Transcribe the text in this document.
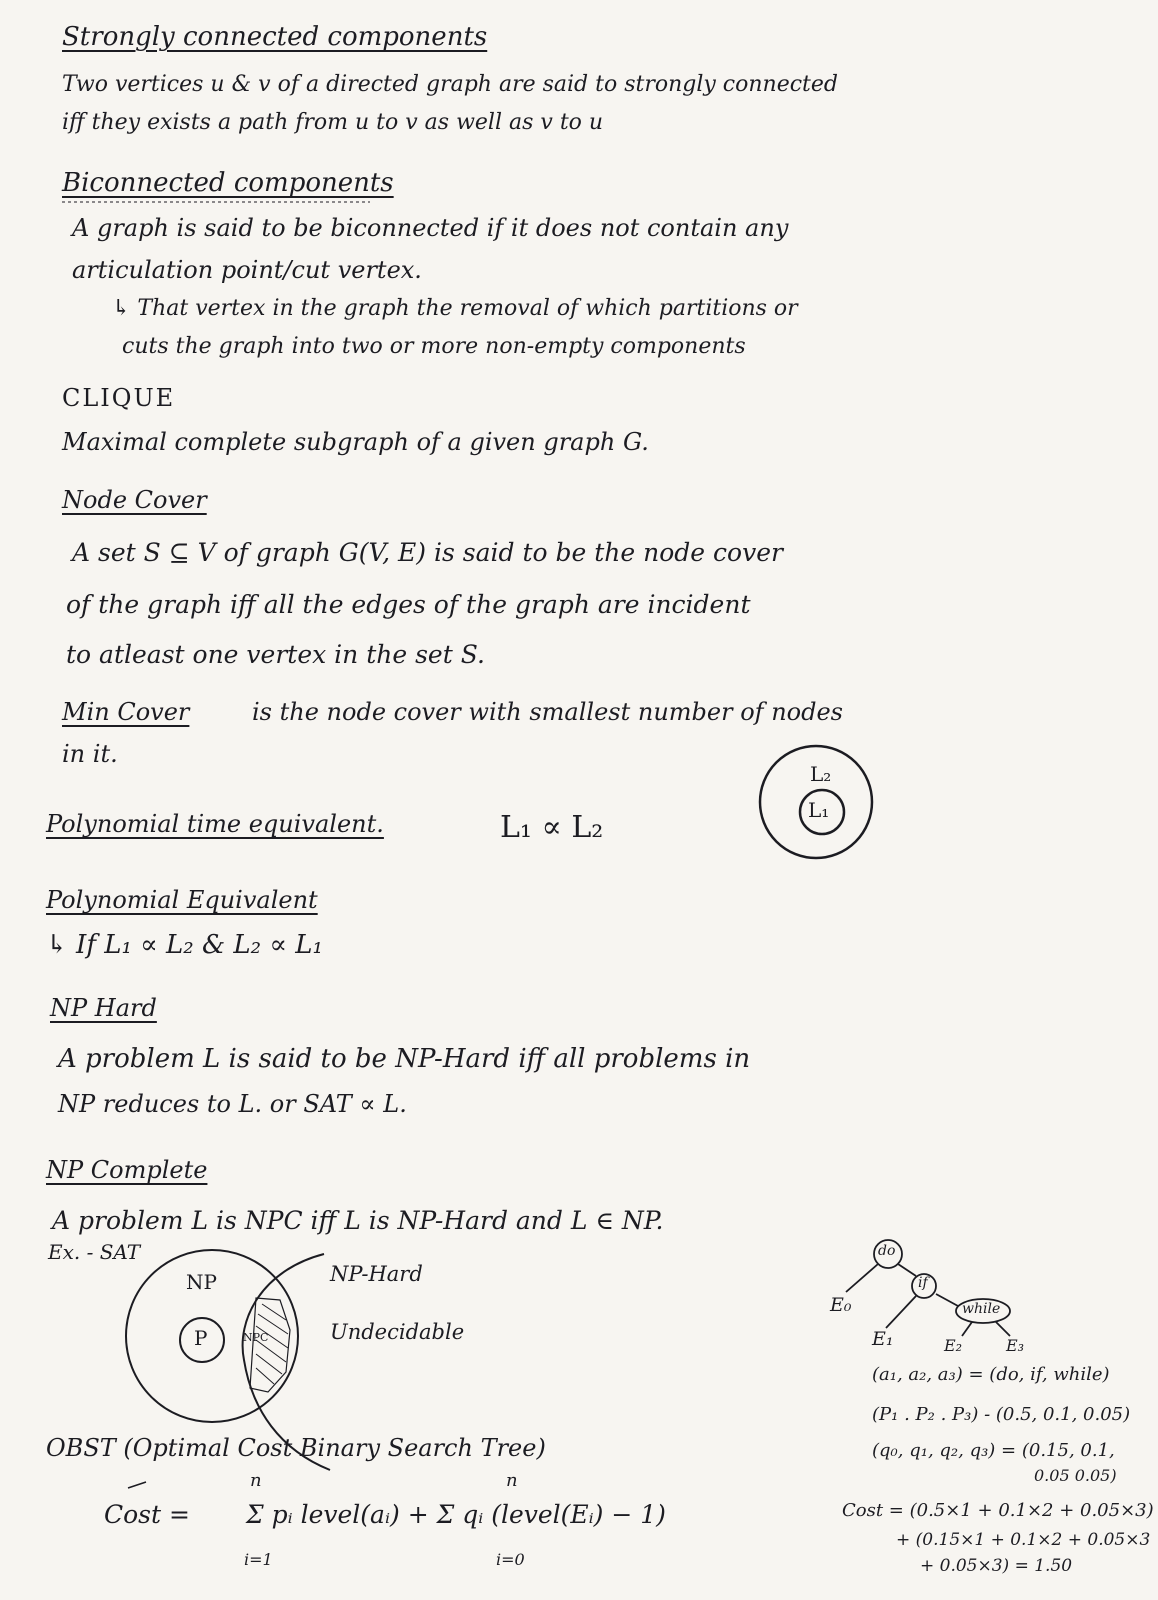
Strongly connected components
Two vertices u & v of a directed graph are said to strongly connected
iff they exists a path from u to v as well as v to u
Biconnected components
A graph is said to be biconnected if it does not contain any
articulation point/cut vertex.
↳ That vertex in the graph the removal of which partitions or
cuts the graph into two or more non-empty components
CLIQUE
Maximal complete subgraph of a given graph G.
Node Cover
A set S ⊆ V of graph G(V, E) is said to be the node cover
of the graph iff all the edges of the graph are incident
to atleast one vertex in the set S.
Min Cover	is the node cover with smallest number of nodes
in it.
Polynomial time equivalent.	L₁ ∝ L₂
Polynomial Equivalent
↳ If L₁ ∝ L₂ & L₂ ∝ L₁
NP Hard
A problem L is said to be NP-Hard iff all problems in
NP reduces to L. or SAT ∝ L.
NP Complete
A problem L is NPC iff L is NP-Hard and L ∈ NP.
Ex. - SAT
L₂
L₁
NP
P	NPC
NP-Hard
Undecidable
do
if
while
E₀
E₁	E₂	E₃
(a₁, a₂, a₃) = (do, if, while)
(P₁ . P₂ . P₃) - (0.5, 0.1, 0.05)
(q₀, q₁, q₂, q₃) = (0.15, 0.1,
0.05 0.05)
Cost = (0.5×1 + 0.1×2 + 0.05×3)
+ (0.15×1 + 0.1×2 + 0.05×3
+ 0.05×3) = 1.50
OBST (Optimal Cost Binary Search Tree)
Cost =
n
i=1
n
i=0
Σ pᵢ level(aᵢ) + Σ qᵢ (level(Eᵢ) − 1)
